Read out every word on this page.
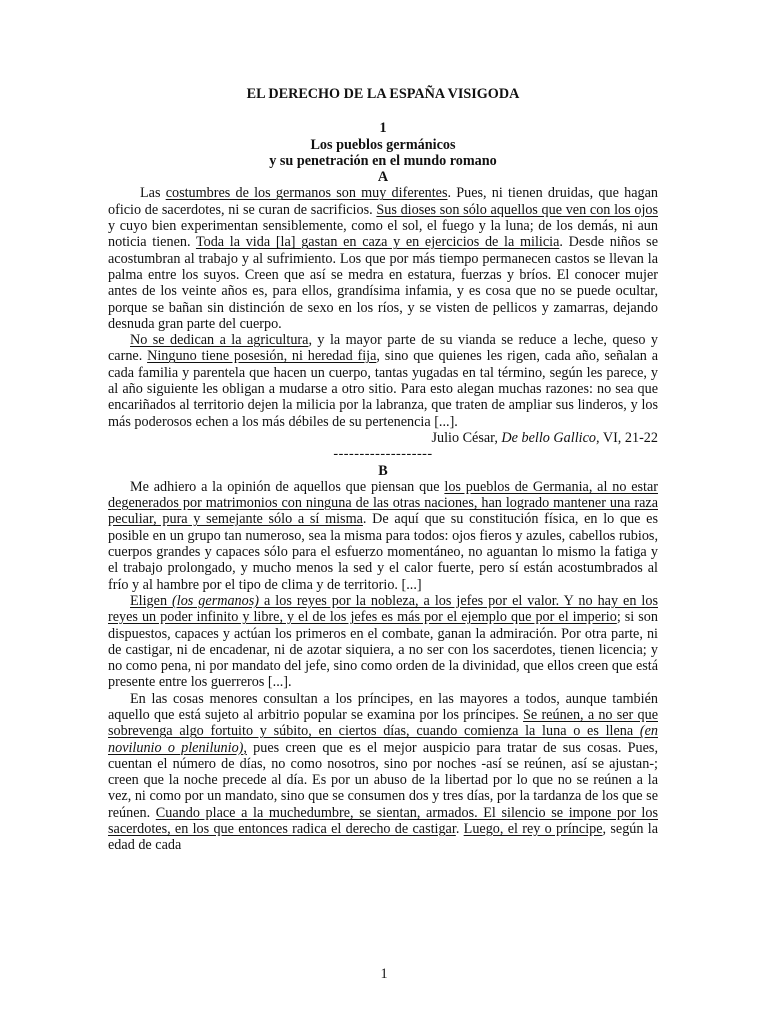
EL DERECHO DE LA ESPAÑA VISIGODA

1

Los pueblos germánicos

y su penetración en el mundo romano

A

Las costumbres de los germanos son muy diferentes. Pues, ni tienen druidas, que hagan oficio de sacerdotes, ni se curan de sacrificios. Sus dioses son sólo aquellos que ven con los ojos y cuyo bien experimentan sensiblemente, como el sol, el fuego y la luna; de los demás, ni aun noticia tienen. Toda la vida [la] gastan en caza y en ejercicios de la milicia. Desde niños se acostumbran al trabajo y al sufrimiento. Los que por más tiempo permanecen castos se llevan la palma entre los suyos. Creen que así se medra en estatura, fuerzas y bríos. El conocer mujer antes de los veinte años es, para ellos, grandísima infamia, y es cosa que no se puede ocultar, porque se bañan sin distinción de sexo en los ríos, y se visten de pellicos y zamarras, dejando desnuda gran parte del cuerpo.

No se dedican a la agricultura, y la mayor parte de su vianda se reduce a leche, queso y carne. Ninguno tiene posesión, ni heredad fija, sino que quienes les rigen, cada año, señalan a cada familia y parentela que hacen un cuerpo, tantas yugadas en tal término, según les parece, y al año siguiente les obligan a mudarse a otro sitio. Para esto alegan muchas razones: no sea que encariñados al territorio dejen la milicia por la labranza, que traten de ampliar sus linderos, y los más poderosos echen a los más débiles de su pertenencia [...].

Julio César, De bello Gallico, VI, 21-22

-------------------

B

Me adhiero a la opinión de aquellos que piensan que los pueblos de Germania, al no estar degenerados por matrimonios con ninguna de las otras naciones, han logrado mantener una raza peculiar, pura y semejante sólo a sí misma. De aquí que su constitución física, en lo que es posible en un grupo tan numeroso, sea la misma para todos: ojos fieros y azules, cabellos rubios, cuerpos grandes y capaces sólo para el esfuerzo momentáneo, no aguantan lo mismo la fatiga y el trabajo prolongado, y mucho menos la sed y el calor fuerte, pero sí están acostumbrados al frío y al hambre por el tipo de clima y de territorio. [...]

Eligen (los germanos) a los reyes por la nobleza, a los jefes por el valor. Y no hay en los reyes un poder infinito y libre, y el de los jefes es más por el ejemplo que por el imperio; si son dispuestos, capaces y actúan los primeros en el combate, ganan la admiración. Por otra parte, ni de castigar, ni de encadenar, ni de azotar siquiera, a no ser con los sacerdotes, tienen licencia; y no como pena, ni por mandato del jefe, sino como orden de la divinidad, que ellos creen que está presente entre los guerreros [...].

En las cosas menores consultan a los príncipes, en las mayores a todos, aunque también aquello que está sujeto al arbitrio popular se examina por los príncipes. Se reúnen, a no ser que sobrevenga algo fortuito y súbito, en ciertos días, cuando comienza la luna o es llena (en novilunio o plenilunio), pues creen que es el mejor auspicio para tratar de sus cosas. Pues, cuentan el número de días, no como nosotros, sino por noches -así se reúnen, así se ajustan-; creen que la noche precede al día. Es por un abuso de la libertad por lo que no se reúnen a la vez, ni como por un mandato, sino que se consumen dos y tres días, por la tardanza de los que se reúnen. Cuando place a la muchedumbre, se sientan, armados. El silencio se impone por los sacerdotes, en los que entonces radica el derecho de castigar. Luego, el rey o príncipe, según la edad de cada

1
